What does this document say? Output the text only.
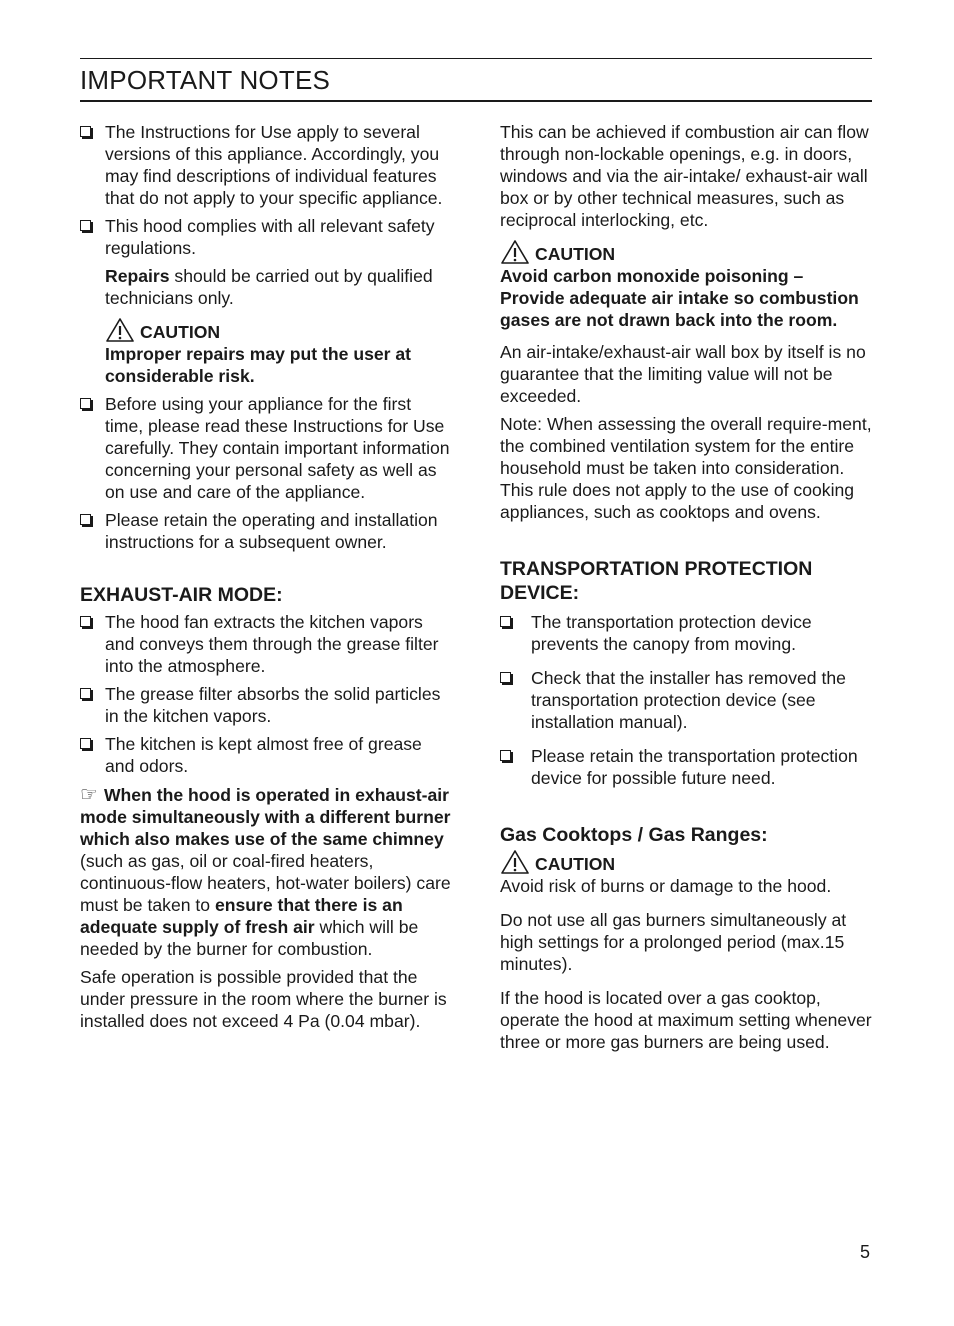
IMPORTANT NOTES

The Instructions for Use apply to several versions of this appliance. Accordingly, you may find descriptions of individual features that do not apply to your specific appliance.

This hood complies with all relevant safety regulations.

Repairs should be carried out by qualified technicians only.

CAUTION

Improper repairs may put the user at considerable risk.

Before using your appliance for the first time, please read these Instructions for Use carefully. They contain important information concerning your personal safety as well as on use and care of the appliance.

Please retain the operating and installation instructions for a subsequent owner.

EXHAUST-AIR MODE:

The hood fan extracts the kitchen vapors and conveys them through the grease filter into the atmosphere.

The grease filter absorbs the solid particles in the kitchen vapors.

The kitchen is kept almost free of grease and odors.

☞ When the hood is operated in exhaust-air mode simultaneously with a different burner which also makes use of the same chimney (such as gas, oil or coal-fired heaters, continuous-flow heaters, hot-water boilers) care must be taken to ensure that there is an adequate supply of fresh air which will be needed by the burner for combustion.

Safe operation is possible provided that the under pressure in the room where the burner is installed does not exceed 4 Pa (0.04 mbar).

This can be achieved if combustion air can flow through non-lockable openings, e.g. in doors, windows and via the air-intake/ exhaust-air wall box or by other technical measures, such as reciprocal interlocking, etc.

CAUTION

Avoid carbon monoxide poisoning – Provide adequate air intake so combustion gases are not drawn back into the room.

An air-intake/exhaust-air wall box by itself is no guarantee that the limiting value will not be exceeded.

Note: When assessing the overall require-ment, the combined ventilation system for the entire household must be taken into consideration. This rule does not apply to the use of cooking appliances, such as cooktops and ovens.

TRANSPORTATION PROTECTION DEVICE:

The transportation protection device prevents the canopy from moving.

Check that the installer has removed the transportation protection device (see installation manual).

Please retain the transportation protection device for possible future need.

Gas Cooktops / Gas Ranges:
CAUTION

Avoid risk of burns or damage to the hood.

Do not use all gas burners simultaneously at high settings for a prolonged period (max.15 minutes).

If the hood is located over a gas cooktop, operate the hood at maximum setting whenever three or more gas burners are being used.

5
